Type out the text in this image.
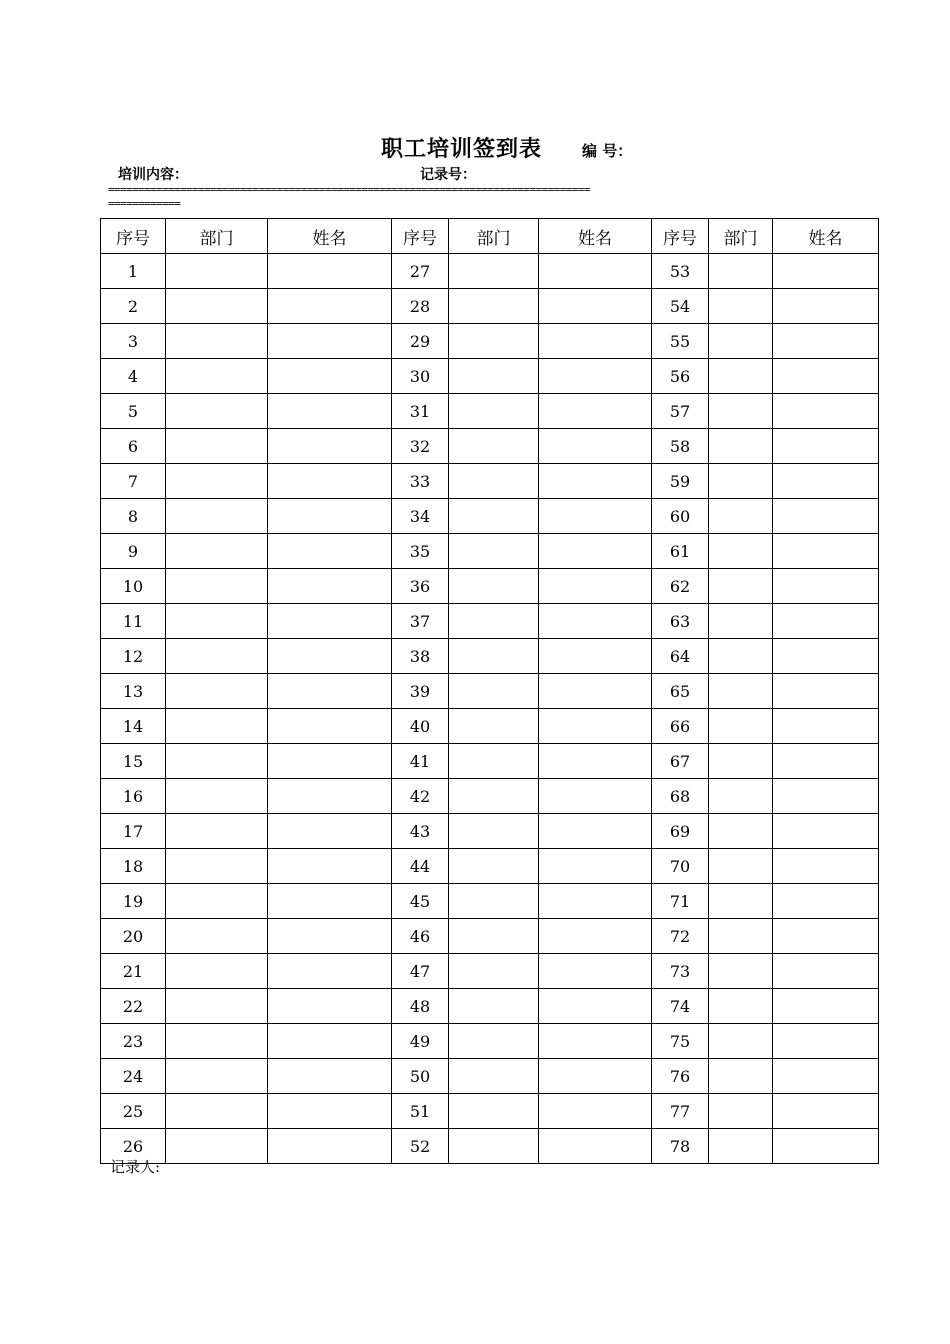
职工培训签到表	编 号：
培训内容：	记录号：
================================================================================
============
序号	部门	姓名	序号	部门	姓名	序号	部门	姓名
1			27			53		
2			28			54		
3			29			55		
4			30			56		
5			31			57		
6			32			58		
7			33			59		
8			34			60		
9			35			61		
10			36			62		
11			37			63		
12			38			64		
13			39			65		
14			40			66		
15			41			67		
16			42			68		
17			43			69		
18			44			70		
19			45			71		
20			46			72		
21			47			73		
22			48			74		
23			49			75		
24			50			76		
25			51			77		
26			52			78		
记录人:
